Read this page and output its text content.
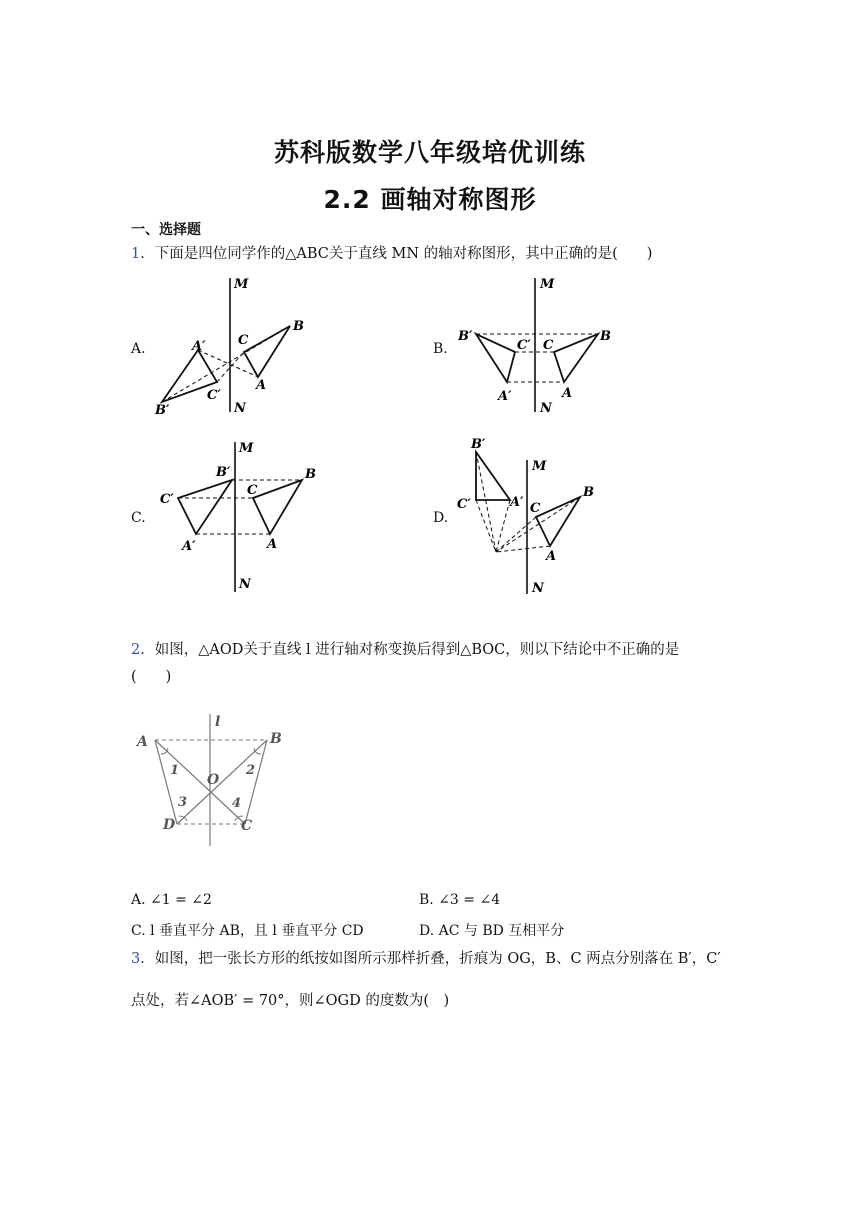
苏科版数学八年级培优训练
2.2 画轴对称图形
一、选择题
1．下面是四位同学作的△ABC关于直线 MN 的轴对称图形，其中正确的是(　　)
A.	B.
C.	D.
M
N
A′
B′
C′
C
B
A
M
N
B′
C′
A′
C
B
A
M
N
B′
C′
A′
C
B
A
M
N
B′
C′	A′ C
B
A
2．如图，△AOD关于直线 l 进行轴对称变换后得到△BOC，则以下结论中不正确的是
(　　)
l
A	B
O
D	C
1	2
3	4
A. ∠1 = ∠2	B. ∠3 = ∠4
C. l 垂直平分 AB，且 l 垂直平分 CD	D. AC 与 BD 互相平分
3．如图，把一张长方形的纸按如图所示那样折叠，折痕为 OG，B、C 两点分别落在 B′，C′
点处，若∠AOB′ = 70°，则∠OGD 的度数为(　)
